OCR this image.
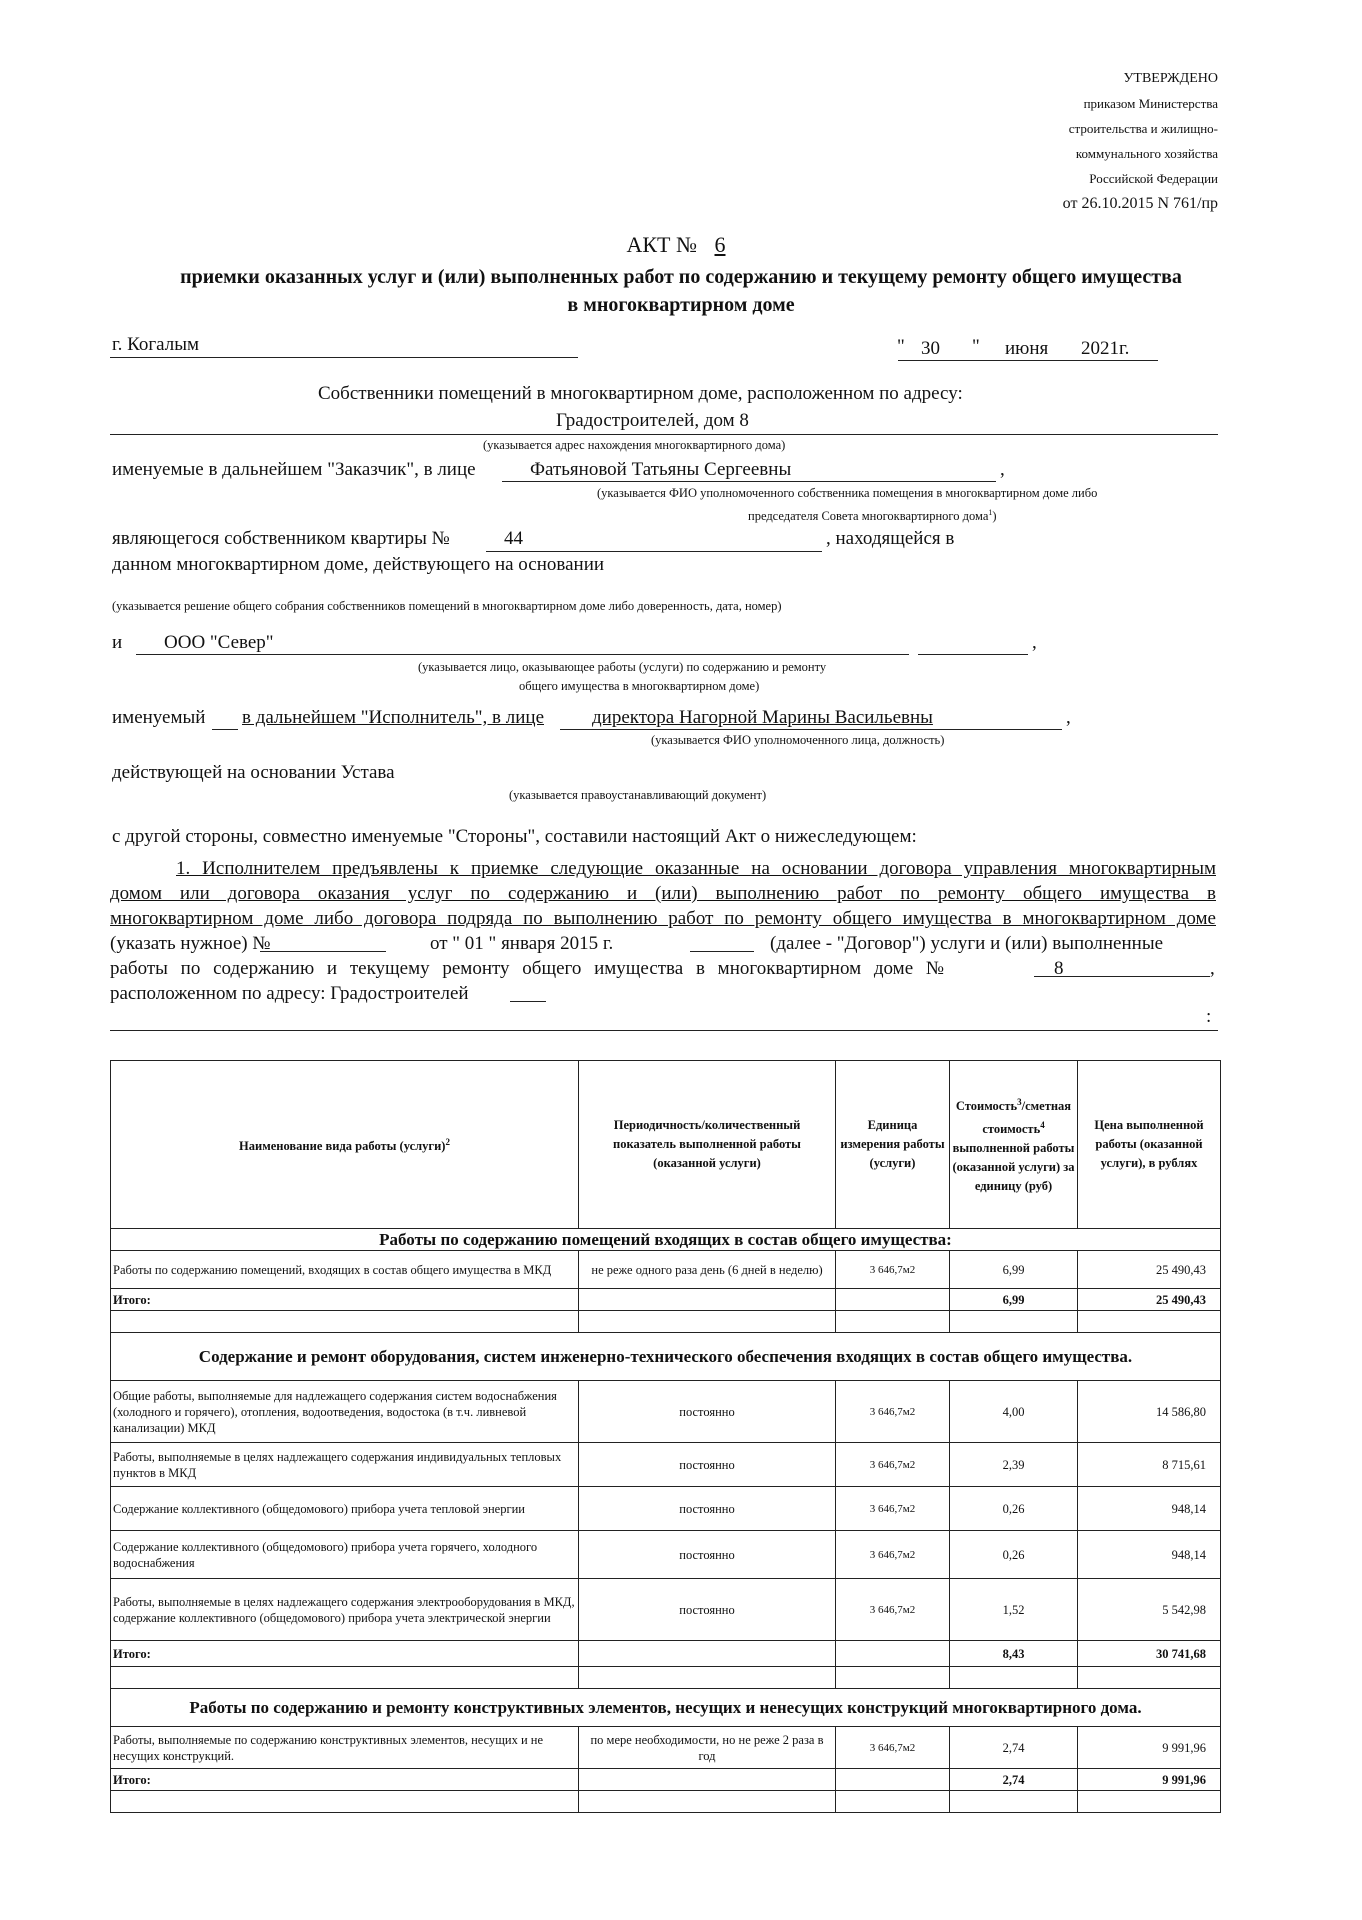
УТВЕРЖДЕНО
приказом Министерства
строительства и жилищно-
коммунального хозяйства
Российской Федерации
от 26.10.2015 N 761/пр
АКТ № 6
приемки оказанных услуг и (или) выполненных работ по содержанию и текущему ремонту общего имущества
в многоквартирном доме
г. Когалым	" 30 " июня 2021г.
Собственники помещений в многоквартирном доме, расположенном по адресу:
Градостроителей, дом 8
(указывается адрес нахождения многоквартирного дома)
именуемые в дальнейшем "Заказчик", в лице	Фатьяновой Татьяны Сергеевны	,
(указывается ФИО уполномоченного собственника помещения в многоквартирном доме либо
председателя Совета многоквартирного дома$^1$)
являющегося собственником квартиры №	44	, находящейся в
данном многоквартирном доме, действующего на основании
(указывается решение общего собрания собственников помещений в многоквартирном доме либо доверенность, дата, номер)
и ООО "Север"	,
(указывается лицо, оказывающее работы (услуги) по содержанию и ремонту
общего имущества в многоквартирном доме)
именуемый в дальнейшем "Исполнитель", в лице	директора Нагорной Марины Васильевны	,
(указывается ФИО уполномоченного лица, должность)
действующей на основании Устава
(указывается правоустанавливающий документ)
с другой стороны, совместно именуемые "Стороны", составили настоящий Акт о нижеследующем:
1. Исполнителем предъявлены к приемке следующие оказанные на основании договора управления многоквартирным
домом или договора оказания услуг по содержанию и (или) выполнению работ по ремонту общего имущества в
многоквартирном доме либо договора подряда по выполнению работ по ремонту общего имущества в многоквартирном доме
(указать нужное) №	от " 01 " января 2015 г.	(далее - "Договор") услуги и (или) выполненные
работы по содержанию и текущему ремонту общего имущества в многоквартирном доме №	8	,
расположенном по адресу: Градостроителей
:
Наименование вида работы (услуги)$^2$	Периодичность/количественный показатель выполненной работы (оказанной услуги)	Единица измерения работы (услуги)	Стоимость$^3$/сметная стоимость$^4$ выполненной работы (оказанной услуги) за единицу (руб)	Цена выполненной работы (оказанной услуги), в рублях
Работы по содержанию помещений входящих в состав общего имущества:				
Работы по содержанию помещений, входящих в состав общего имущества в МКД	не реже одного раза день (6 дней в неделю)	3 646,7м2	6,99	25 490,43
Итого:			6,99	25 490,43

Содержание и ремонт оборудования, систем инженерно-технического обеспечения входящих в состав общего имущества.				
Общие работы, выполняемые для надлежащего содержания систем водоснабжения (холодного и горячего), отопления, водоотведения, водостока (в т.ч. ливневой канализации) МКД	постоянно	3 646,7м2	4,00	14 586,80
Работы, выполняемые в целях надлежащего содержания индивидуальных тепловых пунктов в МКД	постоянно	3 646,7м2	2,39	8 715,61
Содержание коллективного (общедомового) прибора учета тепловой энергии	постоянно	3 646,7м2	0,26	948,14
Содержание коллективного (общедомового) прибора учета горячего, холодного водоснабжения	постоянно	3 646,7м2	0,26	948,14
Работы, выполняемые в целях надлежащего содержания электрооборудования в МКД, содержание коллективного (общедомового) прибора учета электрической энергии	постоянно	3 646,7м2	1,52	5 542,98
Итого:			8,43	30 741,68

Работы по содержанию и ремонту конструктивных элементов, несущих и ненесущих конструкций многоквартирного дома.				
Работы, выполняемые по содержанию конструктивных элементов, несущих и не несущих конструкций.	по мере необходимости, но не реже 2 раза в год	3 646,7м2	2,74	9 991,96
Итого:			2,74	9 991,96
